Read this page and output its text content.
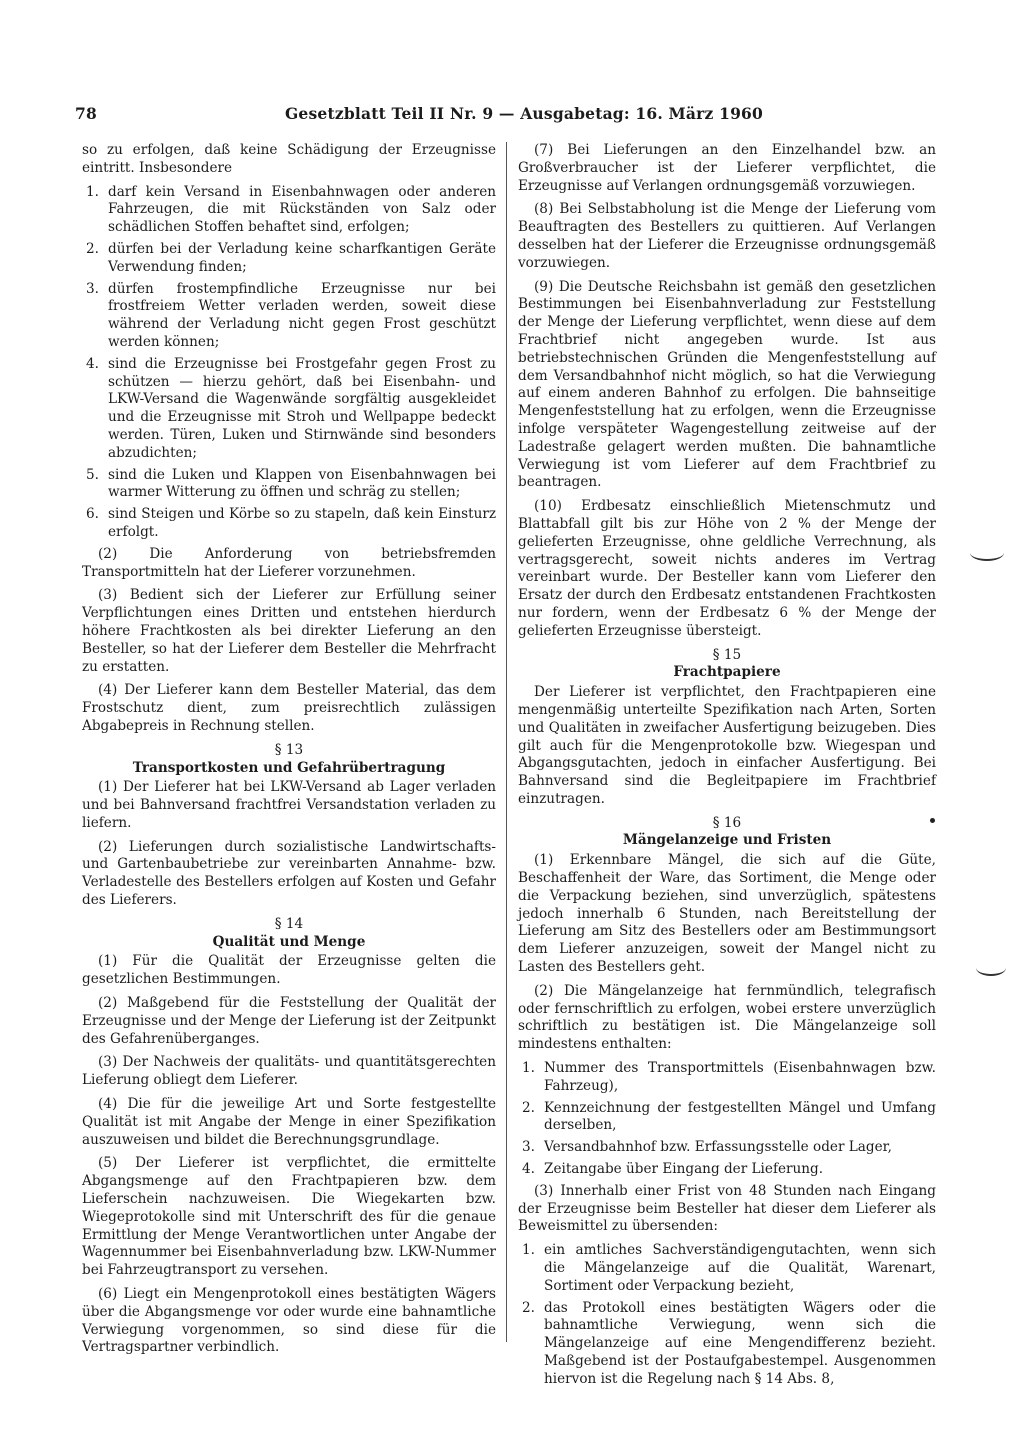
78	Gesetzblatt Teil II Nr. 9 — Ausgabetag: 16. März 1960

so zu erfolgen, daß keine Schädigung der Erzeugnisse eintritt. Insbesondere

1. darf kein Versand in Eisenbahnwagen oder anderen Fahrzeugen, die mit Rückständen von Salz oder schädlichen Stoffen behaftet sind, erfolgen;
2. dürfen bei der Verladung keine scharfkantigen Geräte Verwendung finden;
3. dürfen frostempfindliche Erzeugnisse nur bei frostfreiem Wetter verladen werden, soweit diese während der Verladung nicht gegen Frost geschützt werden können;
4. sind die Erzeugnisse bei Frostgefahr gegen Frost zu schützen — hierzu gehört, daß bei Eisenbahn- und LKW-Versand die Wagenwände sorgfältig ausgekleidet und die Erzeugnisse mit Stroh und Wellpappe bedeckt werden. Türen, Luken und Stirnwände sind besonders abzudichten;
5. sind die Luken und Klappen von Eisenbahnwagen bei warmer Witterung zu öffnen und schräg zu stellen;
6. sind Steigen und Körbe so zu stapeln, daß kein Einsturz erfolgt.

(2) Die Anforderung von betriebsfremden Transportmitteln hat der Lieferer vorzunehmen.

(3) Bedient sich der Lieferer zur Erfüllung seiner Verpflichtungen eines Dritten und entstehen hierdurch höhere Frachtkosten als bei direkter Lieferung an den Besteller, so hat der Lieferer dem Besteller die Mehrfracht zu erstatten.

(4) Der Lieferer kann dem Besteller Material, das dem Frostschutz dient, zum preisrechtlich zulässigen Abgabepreis in Rechnung stellen.

§ 13
Transportkosten und Gefahrübertragung

(1) Der Lieferer hat bei LKW-Versand ab Lager verladen und bei Bahnversand frachtfrei Versandstation verladen zu liefern.

(2) Lieferungen durch sozialistische Landwirtschafts- und Gartenbaubetriebe zur vereinbarten Annahme- bzw. Verladestelle des Bestellers erfolgen auf Kosten und Gefahr des Lieferers.

§ 14
Qualität und Menge

(1) Für die Qualität der Erzeugnisse gelten die gesetzlichen Bestimmungen.

(2) Maßgebend für die Feststellung der Qualität der Erzeugnisse und der Menge der Lieferung ist der Zeitpunkt des Gefahrenüberganges.

(3) Der Nachweis der qualitäts- und quantitätsgerechten Lieferung obliegt dem Lieferer.

(4) Die für die jeweilige Art und Sorte festgestellte Qualität ist mit Angabe der Menge in einer Spezifikation auszuweisen und bildet die Berechnungsgrundlage.

(5) Der Lieferer ist verpflichtet, die ermittelte Abgangsmenge auf den Frachtpapieren bzw. dem Lieferschein nachzuweisen. Die Wiegekarten bzw. Wiegeprotokolle sind mit Unterschrift des für die genaue Ermittlung der Menge Verantwortlichen unter Angabe der Wagennummer bei Eisenbahnverladung bzw. LKW-Nummer bei Fahrzeugtransport zu versehen.

(6) Liegt ein Mengenprotokoll eines bestätigten Wägers über die Abgangsmenge vor oder wurde eine bahnamtliche Verwiegung vorgenommen, so sind diese für die Vertragspartner verbindlich.

(7) Bei Lieferungen an den Einzelhandel bzw. an Großverbraucher ist der Lieferer verpflichtet, die Erzeugnisse auf Verlangen ordnungsgemäß vorzuwiegen.

(8) Bei Selbstabholung ist die Menge der Lieferung vom Beauftragten des Bestellers zu quittieren. Auf Verlangen desselben hat der Lieferer die Erzeugnisse ordnungsgemäß vorzuwiegen.

(9) Die Deutsche Reichsbahn ist gemäß den gesetzlichen Bestimmungen bei Eisenbahnverladung zur Feststellung der Menge der Lieferung verpflichtet, wenn diese auf dem Frachtbrief nicht angegeben wurde. Ist aus betriebstechnischen Gründen die Mengenfeststellung auf dem Versandbahnhof nicht möglich, so hat die Verwiegung auf einem anderen Bahnhof zu erfolgen. Die bahnseitige Mengenfeststellung hat zu erfolgen, wenn die Erzeugnisse infolge verspäteter Wagengestellung zeitweise auf der Ladestraße gelagert werden mußten. Die bahnamtliche Verwiegung ist vom Lieferer auf dem Frachtbrief zu beantragen.

(10) Erdbesatz einschließlich Mietenschmutz und Blattabfall gilt bis zur Höhe von 2 % der Menge der gelieferten Erzeugnisse, ohne geldliche Verrechnung, als vertragsgerecht, soweit nichts anderes im Vertrag vereinbart wurde. Der Besteller kann vom Lieferer den Ersatz der durch den Erdbesatz entstandenen Frachtkosten nur fordern, wenn der Erdbesatz 6 % der Menge der gelieferten Erzeugnisse übersteigt.

§ 15
Frachtpapiere

Der Lieferer ist verpflichtet, den Frachtpapieren eine mengenmäßig unterteilte Spezifikation nach Arten, Sorten und Qualitäten in zweifacher Ausfertigung beizugeben. Dies gilt auch für die Mengenprotokolle bzw. Wiegespan und Abgangsgutachten, jedoch in einfacher Ausfertigung. Bei Bahnversand sind die Begleitpapiere im Frachtbrief einzutragen.

§ 16
Mängelanzeige und Fristen

(1) Erkennbare Mängel, die sich auf die Güte, Beschaffenheit der Ware, das Sortiment, die Menge oder die Verpackung beziehen, sind unverzüglich, spätestens jedoch innerhalb 6 Stunden, nach Bereitstellung der Lieferung am Sitz des Bestellers oder am Bestimmungsort dem Lieferer anzuzeigen, soweit der Mangel nicht zu Lasten des Bestellers geht.

(2) Die Mängelanzeige hat fernmündlich, telegrafisch oder fernschriftlich zu erfolgen, wobei erstere unverzüglich schriftlich zu bestätigen ist. Die Mängelanzeige soll mindestens enthalten:

1. Nummer des Transportmittels (Eisenbahnwagen bzw. Fahrzeug),
2. Kennzeichnung der festgestellten Mängel und Umfang derselben,
3. Versandbahnhof bzw. Erfassungsstelle oder Lager,
4. Zeitangabe über Eingang der Lieferung.

(3) Innerhalb einer Frist von 48 Stunden nach Eingang der Erzeugnisse beim Besteller hat dieser dem Lieferer als Beweismittel zu übersenden:

1. ein amtliches Sachverständigengutachten, wenn sich die Mängelanzeige auf die Qualität, Warenart, Sortiment oder Verpackung bezieht,
2. das Protokoll eines bestätigten Wägers oder die bahnamtliche Verwiegung, wenn sich die Mängelanzeige auf eine Mengendifferenz bezieht. Maßgebend ist der Postaufgabestempel. Ausgenommen hiervon ist die Regelung nach § 14 Abs. 8,
